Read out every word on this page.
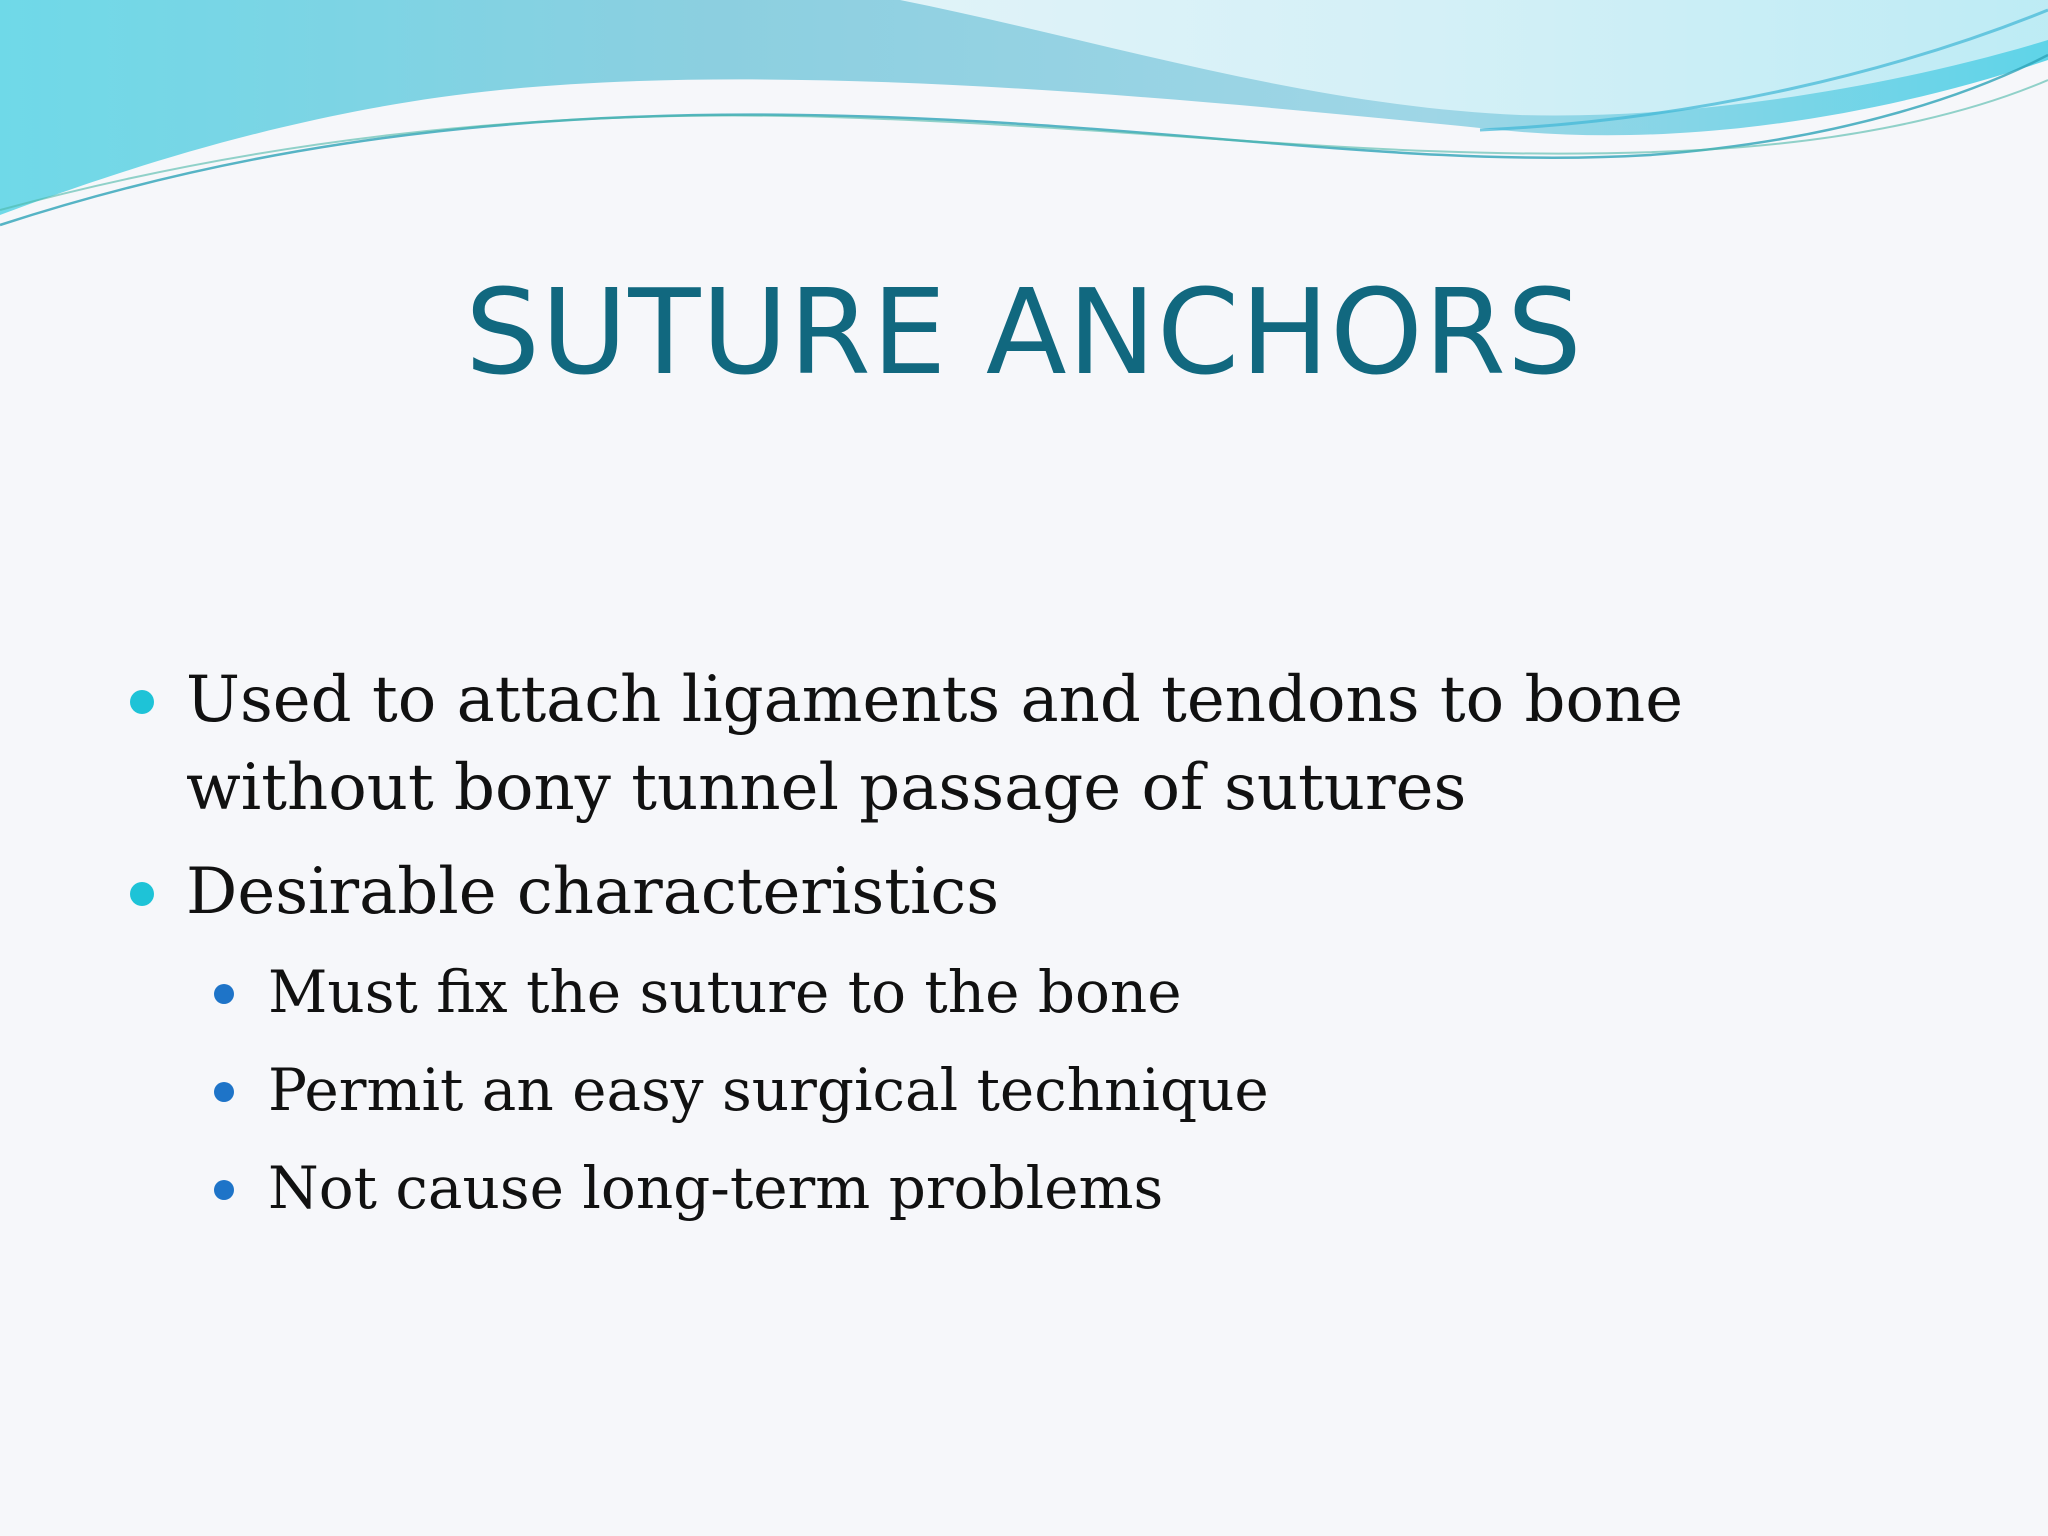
SUTURE ANCHORS
Used to attach ligaments and tendons to bone without bony tunnel passage of sutures
Desirable characteristics
Must fix the suture to the bone
Permit an easy surgical technique
Not cause long-term problems
